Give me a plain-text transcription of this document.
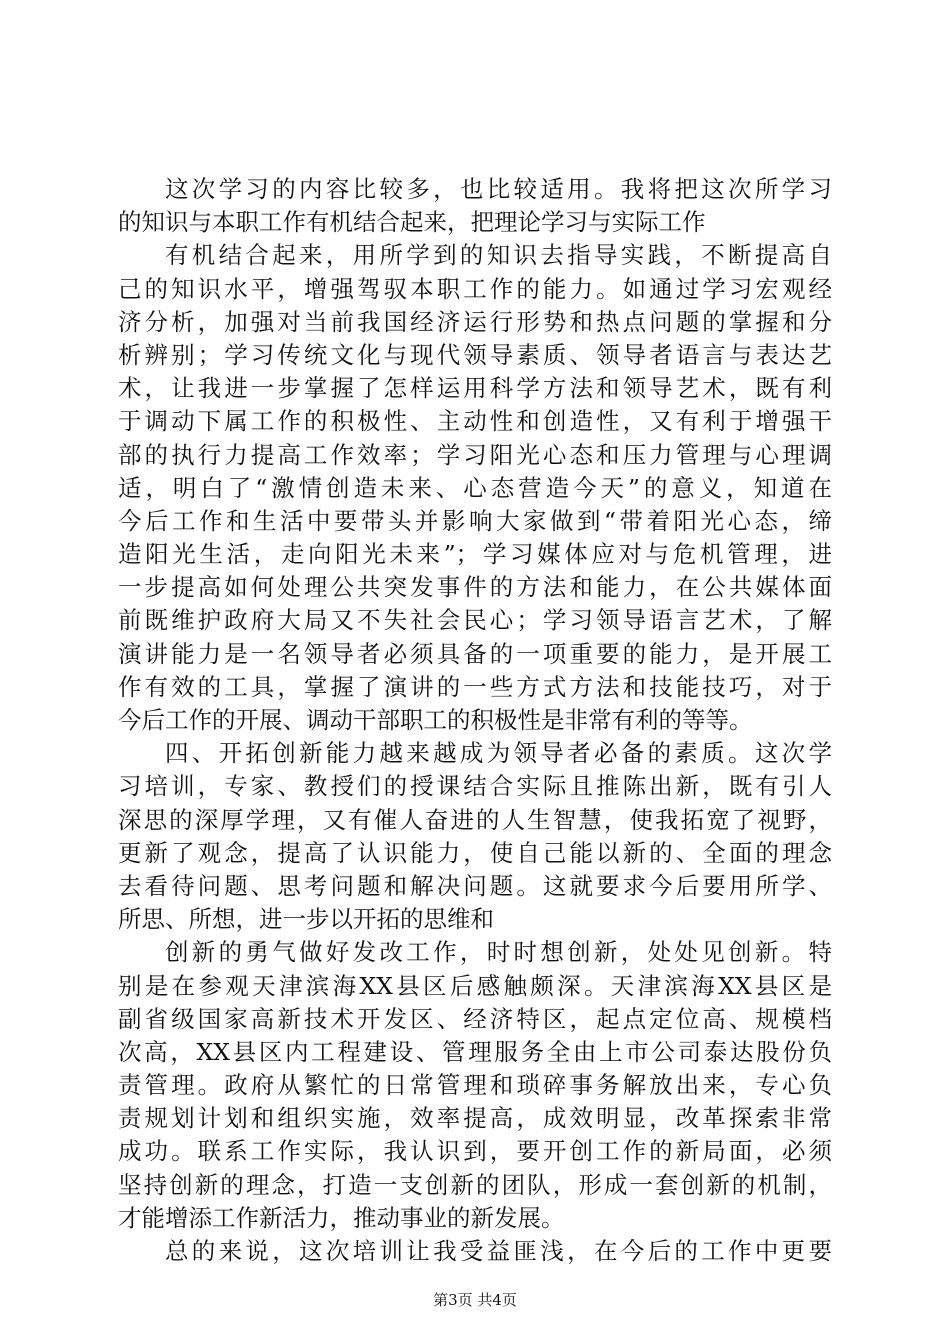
这次学习的内容比较多，也比较适用。我将把这次所学习
的知识与本职工作有机结合起来，把理论学习与实际工作
有机结合起来，用所学到的知识去指导实践，不断提高自
己的知识水平，增强驾驭本职工作的能力。如通过学习宏观经
济分析，加强对当前我国经济运行形势和热点问题的掌握和分
析辨别；学习传统文化与现代领导素质、领导者语言与表达艺
术，让我进一步掌握了怎样运用科学方法和领导艺术，既有利
于调动下属工作的积极性、主动性和创造性，又有利于增强干
部的执行力提高工作效率；学习阳光心态和压力管理与心理调
适，明白了“激情创造未来、心态营造今天”的意义，知道在
今后工作和生活中要带头并影响大家做到“带着阳光心态，缔
造阳光生活，走向阳光未来”；学习媒体应对与危机管理，进
一步提高如何处理公共突发事件的方法和能力，在公共媒体面
前既维护政府大局又不失社会民心；学习领导语言艺术，了解
演讲能力是一名领导者必须具备的一项重要的能力，是开展工
作有效的工具，掌握了演讲的一些方式方法和技能技巧，对于
今后工作的开展、调动干部职工的积极性是非常有利的等等。
四、开拓创新能力越来越成为领导者必备的素质。这次学
习培训，专家、教授们的授课结合实际且推陈出新，既有引人
深思的深厚学理，又有催人奋进的人生智慧，使我拓宽了视野，
更新了观念，提高了认识能力，使自己能以新的、全面的理念
去看待问题、思考问题和解决问题。这就要求今后要用所学、
所思、所想，进一步以开拓的思维和
创新的勇气做好发改工作，时时想创新，处处见创新。特
别是在参观天津滨海XX县区后感触颇深。天津滨海XX县区是
副省级国家高新技术开发区、经济特区，起点定位高、规模档
次高，XX县区内工程建设、管理服务全由上市公司泰达股份负
责管理。政府从繁忙的日常管理和琐碎事务解放出来，专心负
责规划计划和组织实施，效率提高，成效明显，改革探索非常
成功。联系工作实际，我认识到，要开创工作的新局面，必须
坚持创新的理念，打造一支创新的团队，形成一套创新的机制，
才能增添工作新活力，推动事业的新发展。
总的来说，这次培训让我受益匪浅，在今后的工作中更要
第3页 共4页
